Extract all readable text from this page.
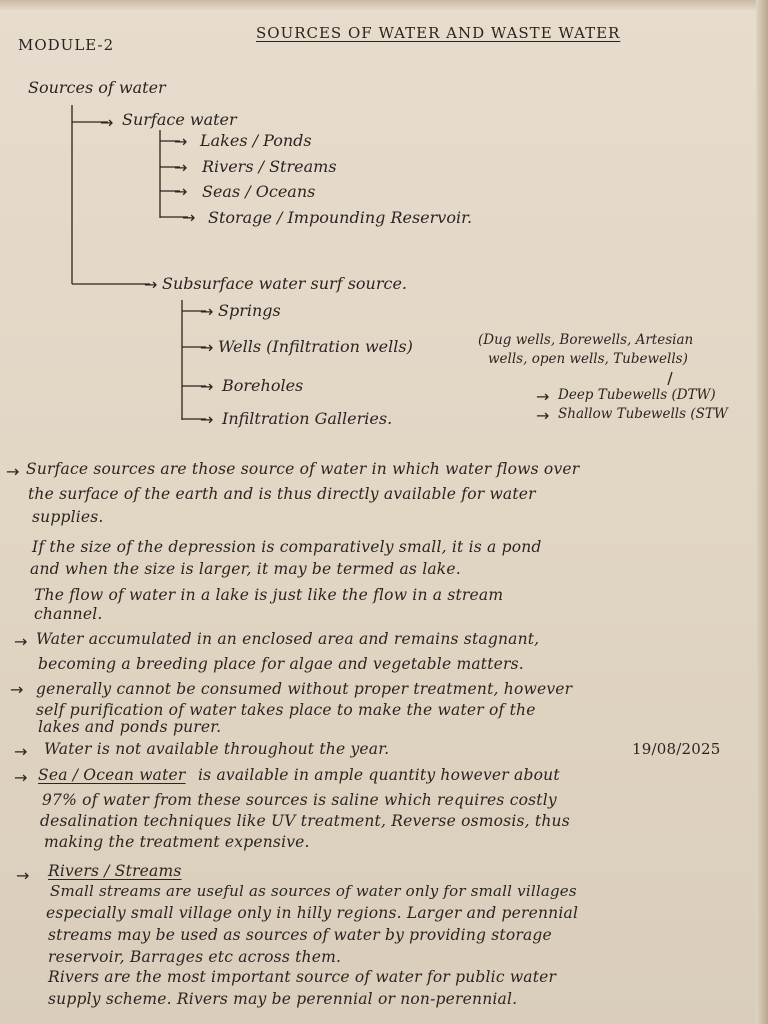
MODULE-2
SOURCES OF WATER AND WASTE WATER
Sources of water
→ Surface water
→ Lakes / Ponds
→ Rivers / Streams
→ Seas / Oceans
→ Storage / Impounding Reservoir.
→ Subsurface water surf source.
→ Springs
→ Wells (Infiltration wells)	(Dug wells, Borewells, Artesian
wells, open wells, Tubewells)
→ Boreholes
→ Infiltration Galleries.
→ Deep Tubewells (DTW)
→ Shallow Tubewells (STW
→ Surface sources are those source of water in which water flows over
the surface of the earth and is thus directly available for water
supplies.
If the size of the depression is comparatively small, it is a pond
and when the size is larger, it may be termed as lake.
The flow of water in a lake is just like the flow in a stream
channel.
→ Water accumulated in an enclosed area and remains stagnant,
becoming a breeding place for algae and vegetable matters.
→ generally cannot be consumed without proper treatment, however
self purification of water takes place to make the water of the
lakes and ponds purer.
→ Water is not available throughout the year.	19/08/2025
→ Sea / Ocean water is available in ample quantity however about
97% of water from these sources is saline which requires costly
desalination techniques like UV treatment, Reverse osmosis, thus
making the treatment expensive.
→ Rivers / Streams
Small streams are useful as sources of water only for small villages
especially small village only in hilly regions. Larger and perennial
streams may be used as sources of water by providing storage
reservoir, Barrages etc across them.
Rivers are the most important source of water for public water
supply scheme. Rivers may be perennial or non-perennial.
